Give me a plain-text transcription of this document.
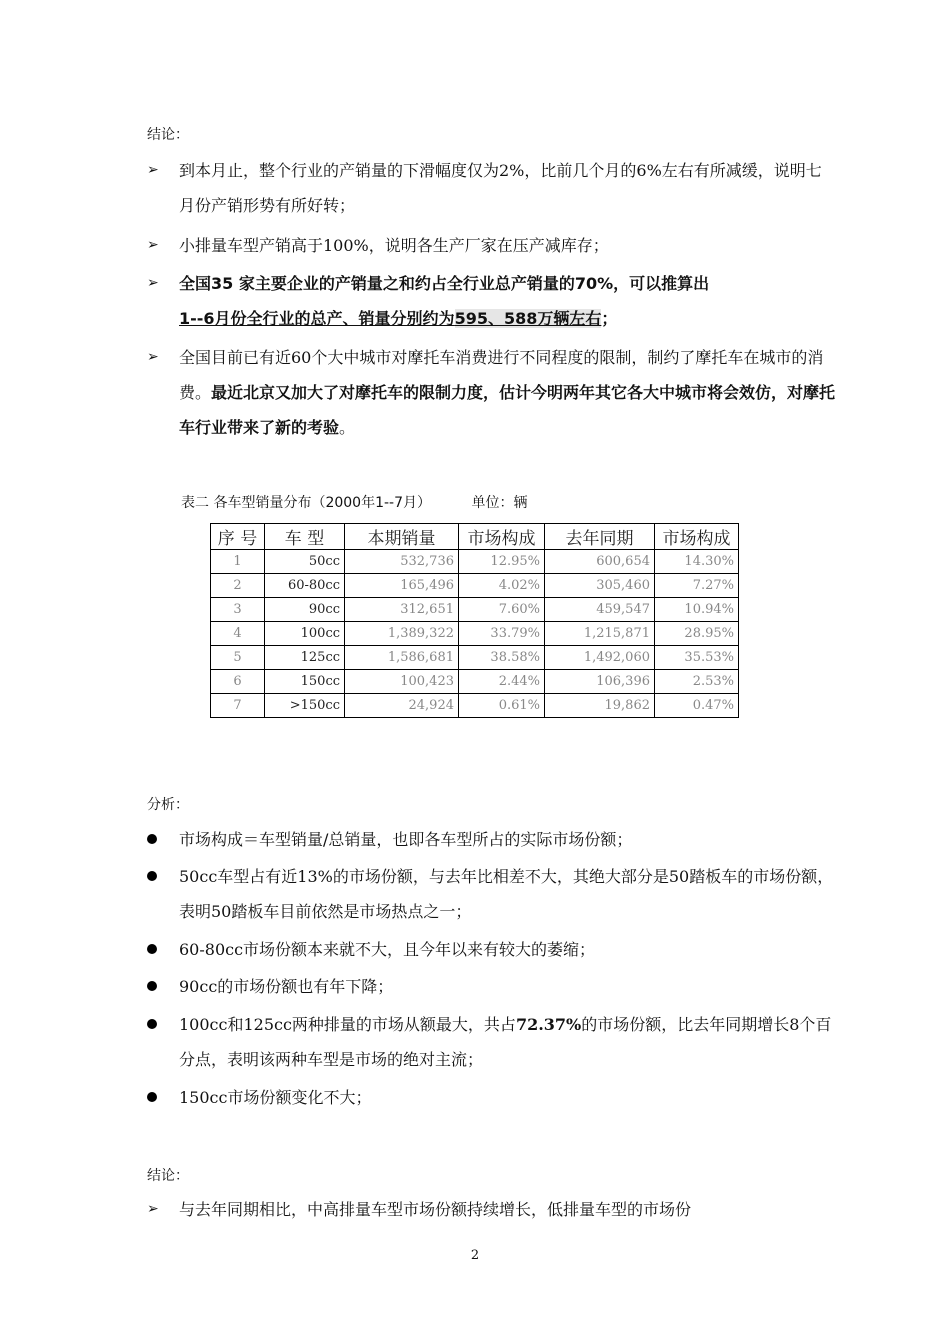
结论：
➢	到本月止，整个行业的产销量的下滑幅度仅为2%，比前几个月的6%左右有所减缓，说明七月份产销形势有所好转；
➢	小排量车型产销高于100%，说明各生产厂家在压产减库存；
➢	全国35 家主要企业的产销量之和约占全行业总产销量的70%，可以推算出
1--6月份全行业的总产、销量分别约为595、588万辆左右；
➢	全国目前已有近60个大中城市对摩托车消费进行不同程度的限制，制约了摩托车在城市的消费。最近北京又加大了对摩托车的限制力度，估计今明两年其它各大中城市将会效仿，对摩托车行业带来了新的考验。
表二 各车型销量分布（2000年1--7月）	单位：辆
序 号	车 型	本期销量	市场构成	去年同期	市场构成
1	50cc	532,736	12.95%	600,654	14.30%
2	60-80cc	165,496	4.02%	305,460	7.27%
3	90cc	312,651	7.60%	459,547	10.94%
4	100cc	1,389,322	33.79%	1,215,871	28.95%
5	125cc	1,586,681	38.58%	1,492,060	35.53%
6	150cc	100,423	2.44%	106,396	2.53%
7	>150cc	24,924	0.61%	19,862	0.47%
分析：
市场构成＝车型销量/总销量，也即各车型所占的实际市场份额；
50cc车型占有近13%的市场份额，与去年比相差不大，其绝大部分是50踏板车的市场份额，表明50踏板车目前依然是市场热点之一；
60-80cc市场份额本来就不大，且今年以来有较大的萎缩；
90cc的市场份额也有年下降；
100cc和125cc两种排量的市场从额最大，共占72.37%的市场份额，比去年同期增长8个百分点，表明该两种车型是市场的绝对主流；
150cc市场份额变化不大；
结论：
➢	与去年同期相比，中高排量车型市场份额持续增长，低排量车型的市场份
2
